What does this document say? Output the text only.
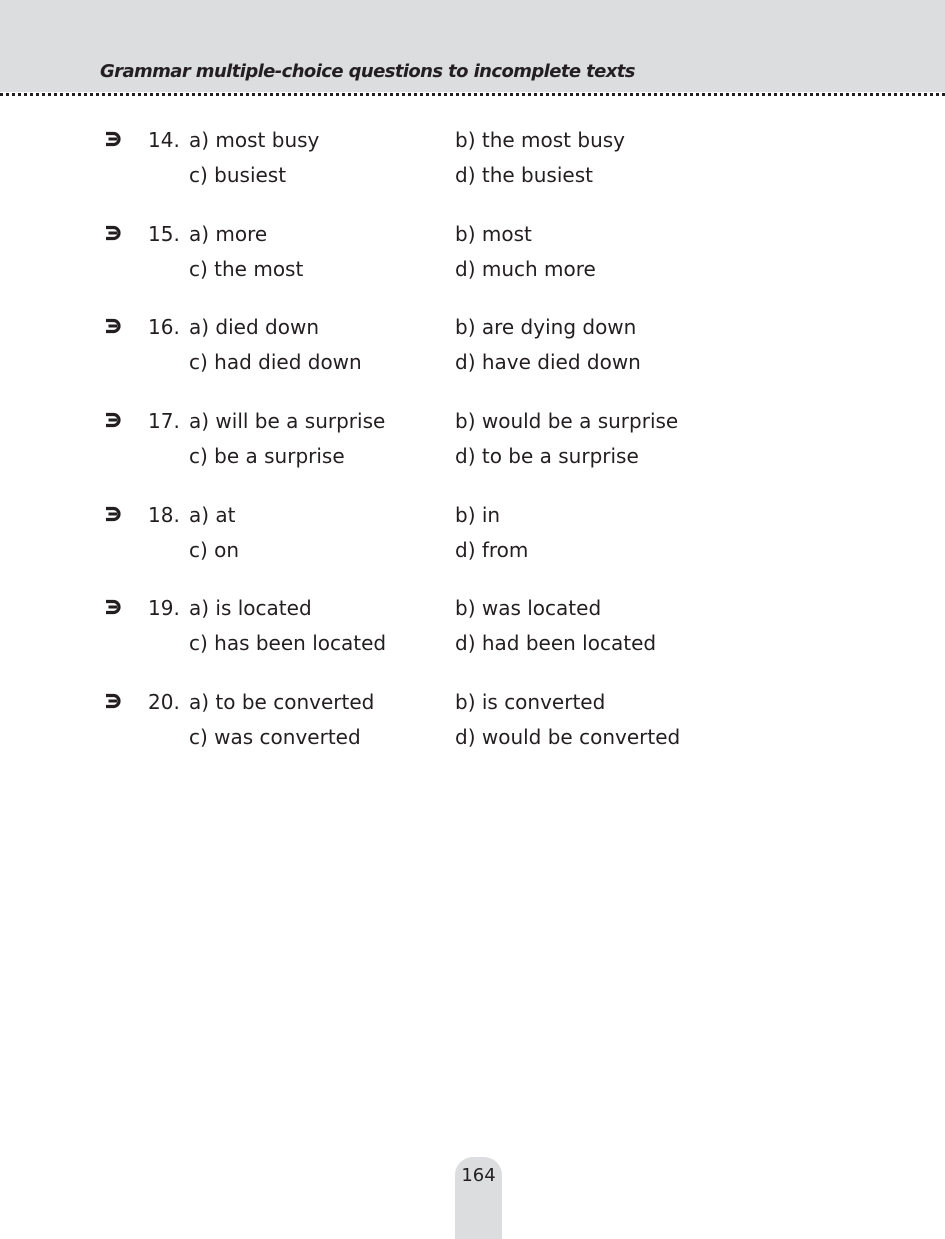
Grammar multiple-choice questions to incomplete texts
14. a) most busy	b) the most busy
c) busiest	d) the busiest
15. a) more	b) most
c) the most	d) much more
16. a) died down	b) are dying down
c) had died down	d) have died down
17. a) will be a surprise	b) would be a surprise
c) be a surprise	d) to be a surprise
18. a) at	b) in
c) on	d) from
19. a) is located	b) was located
c) has been located	d) had been located
20. a) to be converted	b) is converted
c) was converted	d) would be converted
164
